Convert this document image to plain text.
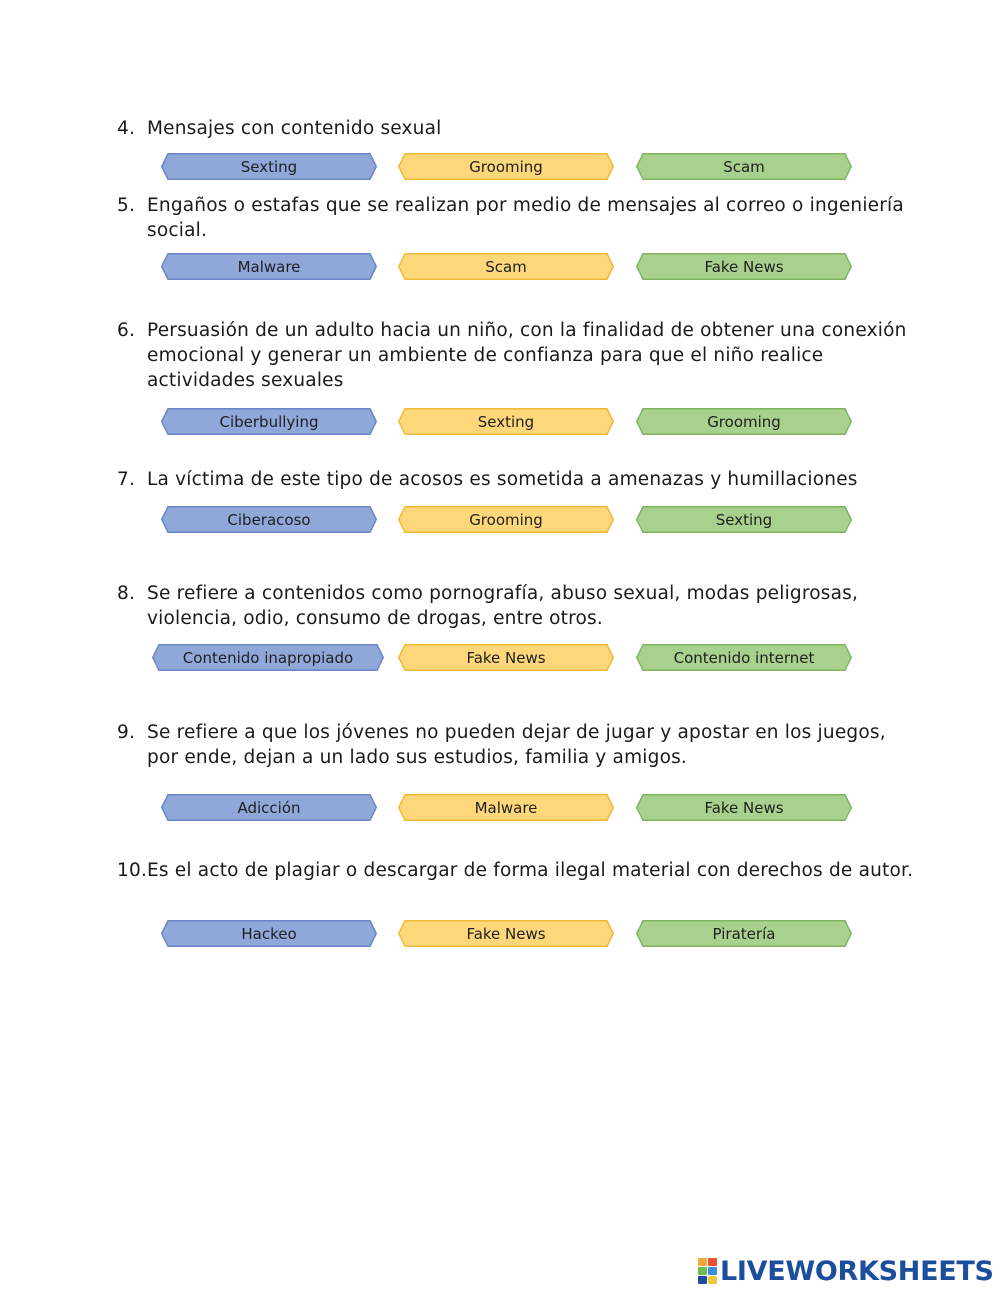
4. Mensajes con contenido sexual
Sexting	Grooming	Scam
5. Engaños o estafas que se realizan por medio de mensajes al correo o ingeniería social.
Malware	Scam	Fake News
6. Persuasión de un adulto hacia un niño, con la finalidad de obtener una conexión emocional y generar un ambiente de confianza para que el niño realice actividades sexuales
Ciberbullying	Sexting	Grooming
7. La víctima de este tipo de acosos es sometida a amenazas y humillaciones
Ciberacoso	Grooming	Sexting
8. Se refiere a contenidos como pornografía, abuso sexual, modas peligrosas, violencia, odio, consumo de drogas, entre otros.
Contenido inapropiado	Fake News	Contenido internet
9. Se refiere a que los jóvenes no pueden dejar de jugar y apostar en los juegos, por ende, dejan a un lado sus estudios, familia y amigos.
Adicción	Malware	Fake News
10. Es el acto de plagiar o descargar de forma ilegal material con derechos de autor.
Hackeo	Fake News	Piratería
LIVEWORKSHEETS
